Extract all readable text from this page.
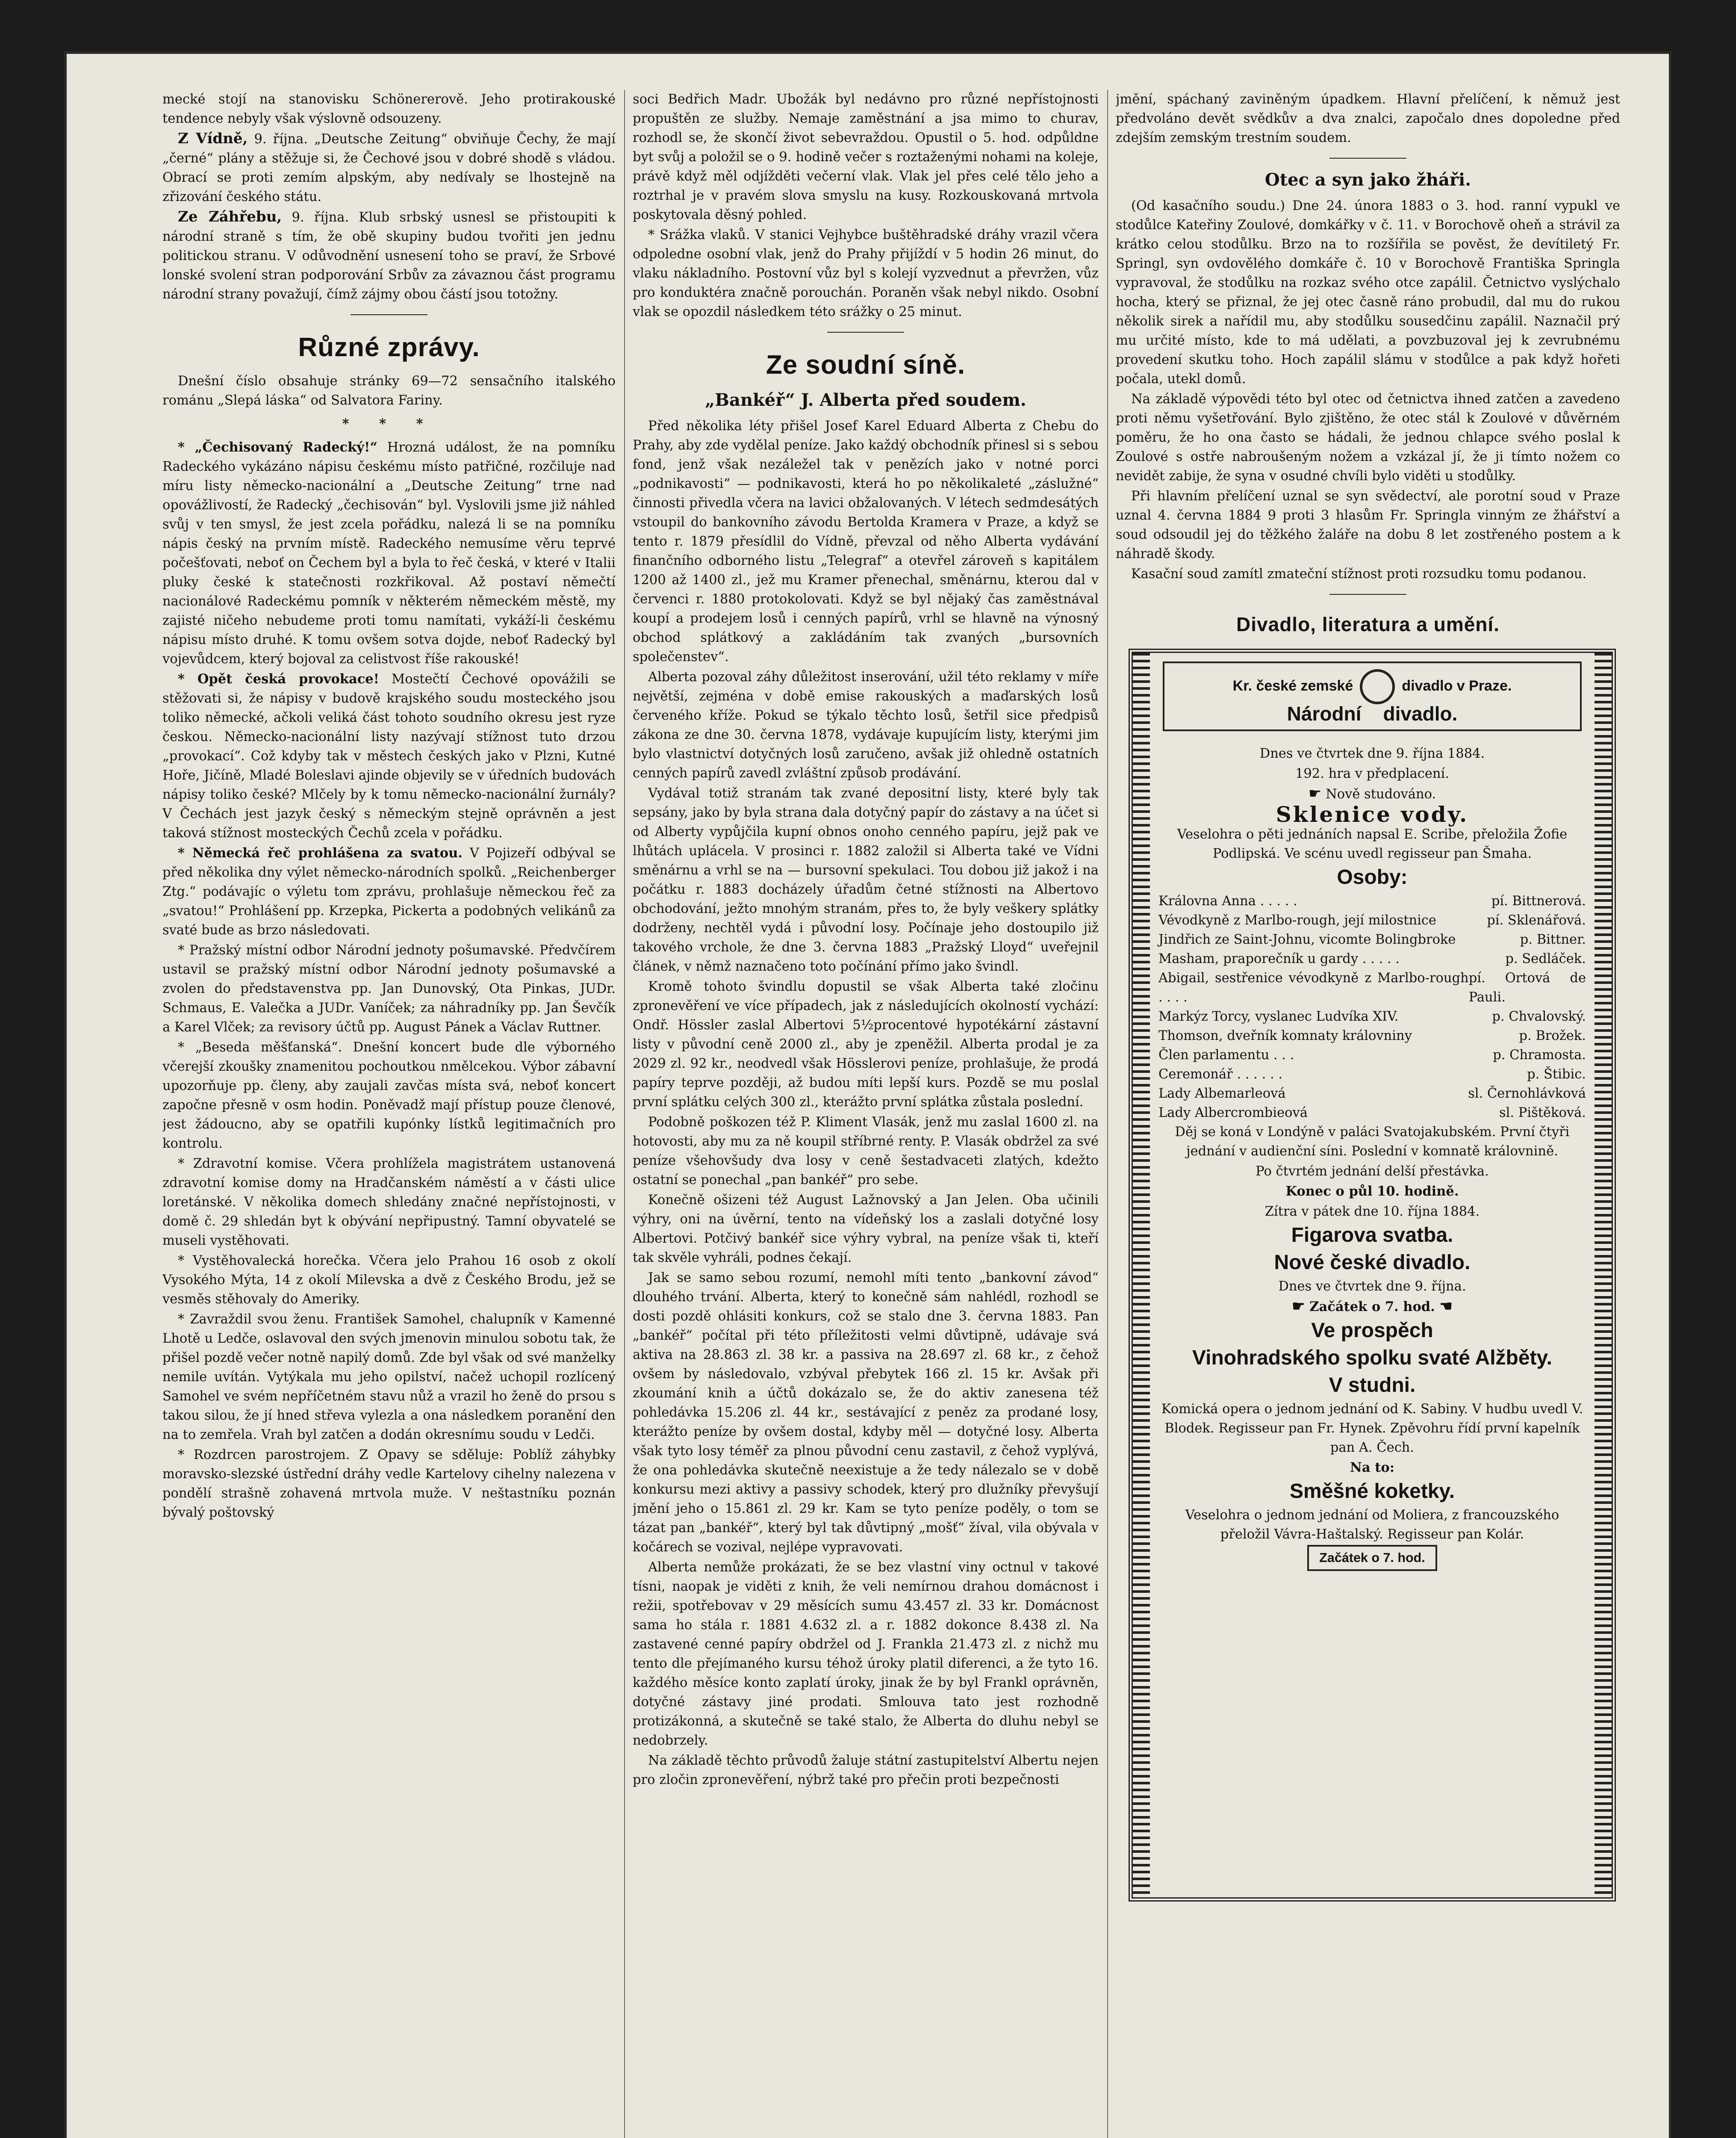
mecké stojí na stanovisku Schönererově. Jeho protirakouské tendence nebyly však výslovně odsouzeny.

Z Vídně, 9. října. „Deutsche Zeitung“ obviňuje Čechy, že mají „černé“ plány a stěžuje si, že Čechové jsou v dobré shodě s vládou. Obrací se proti zemím alpským, aby nedívaly se lhostejně na zřizování českého státu.

Ze Záhřebu, 9. října. Klub srbský usnesl se přistoupiti k národní straně s tím, že obě skupiny budou tvořiti jen jednu politickou stranu. V odůvodnění usnesení toho se praví, že Srbové lonské svolení stran podporování Srbův za závaznou část programu národní strany považují, čímž zájmy obou částí jsou totožny.

Různé zprávy.

Dnešní číslo obsahuje stránky 69—72 sensačního italského románu „Slepá láska“ od Salvatora Fariny.

* * *

* „Čechisovaný Radecký!“ Hrozná událost, že na pomníku Radeckého vykázáno nápisu českému místo patřičné, rozčiluje nad míru listy německo-nacionální a „Deutsche Zeitung“ trne nad opovážlivostí, že Radecký „čechisován“ byl. Vyslovili jsme již náhled svůj v ten smysl, že jest zcela pořádku, nalezá li se na pomníku nápis český na prvním místě. Radeckého nemusíme věru teprvé počešťovati, neboť on Čechem byl a byla to řeč česká, v které v Italii pluky české k statečnosti rozkřikoval. Až postaví němečtí nacionálové Radeckému pomník v některém německém městě, my zajisté ničeho nebudeme proti tomu namítati, vykáží-li českému nápisu místo druhé. K tomu ovšem sotva dojde, neboť Radecký byl vojevůdcem, který bojoval za celistvost říše rakouské!

* Opět česká provokace! Mostečtí Čechové opovážili se stěžovati si, že nápisy v budově krajského soudu mosteckého jsou toliko německé, ačkoli veliká část tohoto soudního okresu jest ryze českou. Německo-nacionální listy nazývají stížnost tuto drzou „provokací“. Což kdyby tak v městech českých jako v Plzni, Kutné Hoře, Jičíně, Mladé Boleslavi ajinde objevily se v úředních budovách nápisy toliko české? Mlčely by k tomu německo-nacionální žurnály? V Čechách jest jazyk český s německým stejně oprávněn a jest taková stížnost mosteckých Čechů zcela v pořádku.

* Německá řeč prohlášena za svatou. V Pojizeří odbýval se před několika dny výlet německo-národních spolků. „Reichenberger Ztg.“ podávajíc o výletu tom zprávu, prohlašuje německou řeč za „svatou!“ Prohlášení pp. Krzepka, Pickerta a podobných velikánů za svaté bude as brzo následovati.

* Pražský místní odbor Národní jednoty pošumavské. Předvčírem ustavil se pražský místní odbor Národní jednoty pošumavské a zvolen do představenstva pp. Jan Dunovský, Ota Pinkas, JUDr. Schmaus, E. Valečka a JUDr. Vaníček; za náhradníky pp. Jan Ševčík a Karel Vlček; za revisory účtů pp. August Pánek a Václav Ruttner.

* „Beseda měšťanská“. Dnešní koncert bude dle výborného včerejší zkoušky znamenitou pochoutkou nmělcekou. Výbor zábavní upozorňuje pp. členy, aby zaujali zavčas místa svá, neboť koncert započne přesně v osm hodin. Poněvadž mají přístup pouze členové, jest žádoucno, aby se opatřili kupónky lístků legitimačních pro kontrolu.

* Zdravotní komise. Včera prohlížela magistrátem ustanovená zdravotní komise domy na Hradčanském náměstí a v části ulice loretánské. V několika domech shledány značné nepřístojnosti, v domě č. 29 shledán byt k obývání nepřipustný. Tamní obyvatelé se museli vystěhovati.

* Vystěhovalecká horečka. Včera jelo Prahou 16 osob z okolí Vysokého Mýta, 14 z okolí Milevska a dvě z Českého Brodu, jež se vesměs stěhovaly do Ameriky.

* Zavraždil svou ženu. František Samohel, chalupník v Kamenné Lhotě u Ledče, oslavoval den svých jmenovin minulou sobotu tak, že přišel pozdě večer notně napilý domů. Zde byl však od své manželky nemile uvítán. Vytýkala mu jeho opilství, načež uchopil rozlícený Samohel ve svém nepříčetném stavu nůž a vrazil ho ženě do prsou s takou silou, že jí hned střeva vylezla a ona následkem poranění den na to zemřela. Vrah byl zatčen a dodán okresnímu soudu v Ledči.

* Rozdrcen parostrojem. Z Opavy se sděluje: Poblíž záhybky moravsko-slezské ústřední dráhy vedle Kartelovy cihelny nalezena v pondělí strašně zohavená mrtvola muže. V neštastníku poznán bývalý poštovský

soci Bedřich Madr. Ubožák byl nedávno pro různé nepřístojnosti propuštěn ze služby. Nemaje zaměstnání a jsa mimo to churav, rozhodl se, že skončí život sebevraždou. Opustil o 5. hod. odpůldne byt svůj a položil se o 9. hodině večer s roztaženými nohami na koleje, právě když měl odjížděti večerní vlak. Vlak jel přes celé tělo jeho a roztrhal je v pravém slova smyslu na kusy. Rozkouskovaná mrtvola poskytovala děsný pohled.

* Srážka vlaků. V stanici Vejhybce buštěhradské dráhy vrazil včera odpoledne osobní vlak, jenž do Prahy přijíždí v 5 hodin 26 minut, do vlaku nákladního. Postovní vůz byl s kolejí vyzvednut a převržen, vůz pro konduktéra značně porouchán. Poraněn však nebyl nikdo. Osobní vlak se opozdil následkem této srážky o 25 minut.

Ze soudní síně.
„Bankéř“ J. Alberta před soudem.

Před několika léty přišel Josef Karel Eduard Alberta z Chebu do Prahy, aby zde vydělal peníze. Jako každý obchodník přinesl si s sebou fond, jenž však nezáležel tak v penězích jako v notné porci „podnikavosti“ — podnikavosti, která ho po několikaleté „záslužné“ činnosti přivedla včera na lavici obžalovaných. V létech sedmdesátých vstoupil do bankovního závodu Bertolda Kramera v Praze, a když se tento r. 1879 přesídlil do Vídně, převzal od něho Alberta vydávání finančního odborného listu „Telegraf“ a otevřel zároveň s kapitálem 1200 až 1400 zl., jež mu Kramer přenechal, směnárnu, kterou dal v červenci r. 1880 protokolovati. Když se byl nějaký čas zaměstnával koupí a prodejem losů i cenných papírů, vrhl se hlavně na výnosný obchod splátkový a zakládáním tak zvaných „bursovních společenstev“.

Alberta pozoval záhy důležitost inserování, užil této reklamy v míře největší, zejména v době emise rakouských a maďarských losů červeného kříže. Pokud se týkalo těchto losů, šetřil sice předpisů zákona ze dne 30. června 1878, vydávaje kupujícím listy, kterými jim bylo vlastnictví dotyčných losů zaručeno, avšak již ohledně ostatních cenných papírů zavedl zvláštní způsob prodávání.

Vydával totiž stranám tak zvané depositní listy, které byly tak sepsány, jako by byla strana dala dotyčný papír do zástavy a na účet si od Alberty vypůjčila kupní obnos onoho cenného papíru, jejž pak ve lhůtách uplácela. V prosinci r. 1882 založil si Alberta také ve Vídni směnárnu a vrhl se na — bursovní spekulaci. Tou dobou již jakož i na počátku r. 1883 docházely úřadům četné stížnosti na Albertovo obchodování, ježto mnohým stranám, přes to, že byly veškery splátky dodrženy, nechtěl vydá i původní losy. Počínaje jeho dostoupilo již takového vrchole, že dne 3. června 1883 „Pražský Lloyd“ uveřejnil článek, v němž naznačeno toto počínání přímo jako švindl.

Kromě tohoto švindlu dopustil se však Alberta také zločinu zpronevěření ve více případech, jak z následujících okolností vychází: Ondř. Hössler zaslal Albertovi 5½procentové hypotékární zástavní listy v původní ceně 2000 zl., aby je zpeněžil. Alberta prodal je za 2029 zl. 92 kr., neodvedl však Hösslerovi peníze, prohlašuje, že prodá papíry teprve později, až budou míti lepší kurs. Pozdě se mu poslal první splátku celých 300 zl., kterážto první splátka zůstala poslední.

Podobně poškozen též P. Kliment Vlasák, jenž mu zaslal 1600 zl. na hotovosti, aby mu za ně koupil stříbrné renty. P. Vlasák obdržel za své peníze všehovšudy dva losy v ceně šestadvaceti zlatých, kdežto ostatní se ponechal „pan bankéř“ pro sebe.

Konečně ošizeni též August Lažnovský a Jan Jelen. Oba učinili výhry, oni na úvěrní, tento na vídeňský los a zaslali dotyčné losy Albertovi. Potčivý bankéř sice výhry vybral, na peníze však ti, kteří tak skvěle vyhráli, podnes čekají.

Jak se samo sebou rozumí, nemohl míti tento „bankovní závod“ dlouhého trvání. Alberta, který to konečně sám nahlédl, rozhodl se dosti pozdě ohlásiti konkurs, což se stalo dne 3. června 1883. Pan „bankéř“ počítal při této příležitosti velmi důvtipně, udávaje svá aktiva na 28.863 zl. 38 kr. a passiva na 28.697 zl. 68 kr., z čehož ovšem by následovalo, vzbýval přebytek 166 zl. 15 kr. Avšak při zkoumání knih a účtů dokázalo se, že do aktiv zanesena též pohledávka 15.206 zl. 44 kr., sestávající z peněz za prodané losy, kterážto peníze by ovšem dostal, kdyby měl — dotyčné losy. Alberta však tyto losy téměř za plnou původní cenu zastavil, z čehož vyplývá, že ona pohledávka skutečně neexistuje a že tedy nálezalo se v době konkursu mezi aktivy a passivy schodek, který pro dlužníky převyšují jmění jeho o 15.861 zl. 29 kr. Kam se tyto peníze poděly, o tom se tázat pan „bankéř“, který byl tak důvtipný „mošť“ žíval, vila obývala v kočárech se vozival, nejlépe vypravovati.

Alberta nemůže prokázati, že se bez vlastní viny octnul v takové tísni, naopak je viděti z knih, že veli nemírnou drahou domácnost i režii, spotřebovav v 29 měsících sumu 43.457 zl. 33 kr. Domácnost sama ho stála r. 1881 4.632 zl. a r. 1882 dokonce 8.438 zl. Na zastavené cenné papíry obdržel od J. Frankla 21.473 zl. z nichž mu tento dle přejímaného kursu téhož úroky platil diferenci, a že tyto 16. každého měsíce konto zaplatí úroky, jinak že by byl Frankl oprávněn, dotyčné zástavy jiné prodati. Smlouva tato jest rozhodně protizákonná, a skutečně se také stalo, že Alberta do dluhu nebyl se nedobrzely.

Na základě těchto průvodů žaluje státní zastupitelství Albertu nejen pro zločin zpronevěření, nýbrž také pro přečin proti bezpečnosti

jmění, spáchaný zaviněným úpadkem. Hlavní přelíčení, k němuž jest předvoláno devět svědkův a dva znalci, započalo dnes dopoledne před zdejším zemským trestním soudem.

Otec a syn jako žháři.

(Od kasačního soudu.) Dne 24. února 1883 o 3. hod. ranní vypukl ve stodůlce Kateřiny Zoulové, domkářky v č. 11. v Borochově oheň a strávil za krátko celou stodůlku. Brzo na to rozšířila se pověst, že devítiletý Fr. Springl, syn ovdovělého domkáře č. 10 v Borochově Františka Springla vypravoval, že stodůlku na rozkaz svého otce zapálil. Četnictvo vyslýchalo hocha, který se přiznal, že jej otec časně ráno probudil, dal mu do rukou několik sirek a nařídil mu, aby stodůlku sousedčinu zapálil. Naznačil prý mu určité místo, kde to má udělati, a povzbuzoval jej k zevrubnému provedení skutku toho. Hoch zapálil slámu v stodůlce a pak když hořeti počala, utekl domů.

Na základě výpovědi této byl otec od četnictva ihned zatčen a zavedeno proti němu vyšetřování. Bylo zjištěno, že otec stál k Zoulové v důvěrném poměru, že ho ona často se hádali, že jednou chlapce svého poslal k Zoulové s ostře nabroušeným nožem a vzkázal jí, že ji tímto nožem co nevidět zabije, že syna v osudné chvíli bylo viděti u stodůlky.

Při hlavním přelíčení uznal se syn svědectví, ale porotní soud v Praze uznal 4. června 1884 9 proti 3 hlasům Fr. Springla vinným ze žhářství a soud odsoudil jej do těžkého žaláře na dobu 8 let zostřeného postem a k náhradě škody.

Kasační soud zamítl zmateční stížnost proti rozsudku tomu podanou.

Divadlo, literatura a umění.
Kr. české zemské	divadlo v Praze.
Národní divadlo.

Dnes ve čtvrtek dne 9. října 1884.

192. hra v předplacení.

☛ Nově studováno.

Sklenice vody.

Veselohra o pěti jednáních napsal E. Scribe, přeložila Žofie Podlipská. Ve scénu uvedl regisseur pan Šmaha.

Osoby:

Královna Anna . . . . .	pí. Bittnerová.
Vévodkyně z Marlbo-rough, její milostnice	pí. Sklenářová.
Jindřich ze Saint-Johnu, vicomte Bolingbroke	p. Bittner.
Masham, praporečník u gardy . . . . .	p. Sedláček.
Abigail, sestřenice vévodkyně z Marlbo-rough . . . .
pí. Ortová de Pauli.
Markýz Torcy, vyslanec Ludvíka XIV.	p. Chvalovský.
Thomson, dveřník komnaty královniny	p. Brožek.
Člen parlamentu . . .	p. Chramosta.
Ceremonář . . . . . .	p. Štibic.
Lady Albemarleová	sl. Černohlávková
Lady Albercrombieová	sl. Pištěková.

Děj se koná v Londýně v paláci Svatojakubském. První čtyři jednání v audienční síni. Poslední v komnatě královnině.

Po čtvrtém jednání delší přestávka.

Konec o půl 10. hodině.

Zítra v pátek dne 10. října 1884.

Figarova svatba.

Nové české divadlo.

Dnes ve čtvrtek dne 9. října.

☛ Začátek o 7. hod. ☚

Ve prospěch

Vinohradského spolku svaté Alžběty.

V studni.

Komická opera o jednom jednání od K. Sabiny. V hudbu uvedl V. Blodek. Regisseur pan Fr. Hynek. Zpěvohru řídí první kapelník pan A. Čech.

Na to:

Směšné koketky.

Veselohra o jednom jednání od Moliera, z francouzského přeložil Vávra-Haštalský. Regisseur pan Kolár.

Začátek o 7. hod.
